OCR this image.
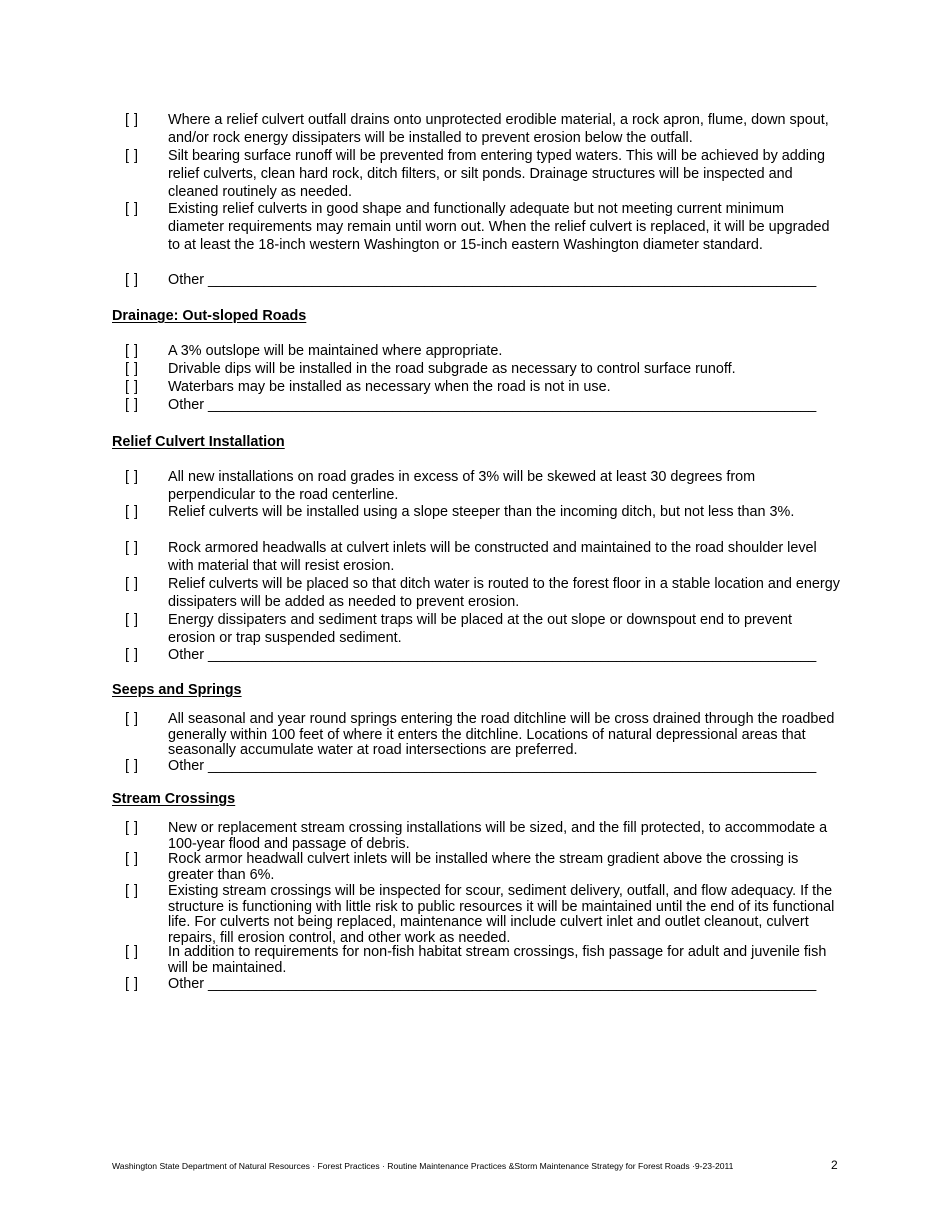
[ ]	Where a relief culvert outfall drains onto unprotected erodible material, a rock apron, flume, down spout, and/or rock energy dissipaters will be installed to prevent erosion below the outfall.
[ ]	Silt bearing surface runoff will be prevented from entering typed waters. This will be achieved by adding relief culverts, clean hard rock, ditch filters, or silt ponds. Drainage structures will be inspected and cleaned routinely as needed.
[ ]	Existing relief culverts in good shape and functionally adequate but not meeting current minimum diameter requirements may remain until worn out. When the relief culvert is replaced, it will be upgraded to at least the 18-inch western Washington or 15-inch eastern Washington diameter standard.
[ ]	Other ____________________________________________________________________________
Drainage: Out-sloped Roads
[ ]	A 3% outslope will be maintained where appropriate.
[ ]	Drivable dips will be installed in the road subgrade as necessary to control surface runoff.
[ ]	Waterbars may be installed as necessary when the road is not in use.
[ ]	Other ____________________________________________________________________________
Relief Culvert Installation
[ ]	All new installations on road grades in excess of 3% will be skewed at least 30 degrees from perpendicular to the road centerline.
[ ]	Relief culverts will be installed using a slope steeper than the incoming ditch, but not less than 3%.
[ ]	Rock armored headwalls at culvert inlets will be constructed and maintained to the road shoulder level with material that will resist erosion.
[ ]	Relief culverts will be placed so that ditch water is routed to the forest floor in a stable location and energy dissipaters will be added as needed to prevent erosion.
[ ]	Energy dissipaters and sediment traps will be placed at the out slope or downspout end to prevent erosion or trap suspended sediment.
[ ]	Other ____________________________________________________________________________
Seeps and Springs
[ ]	All seasonal and year round springs entering the road ditchline will be cross drained through the roadbed generally within 100 feet of where it enters the ditchline. Locations of natural depressional areas that seasonally accumulate water at road intersections are preferred.
[ ]	Other ____________________________________________________________________________
Stream Crossings
[ ]	New or replacement stream crossing installations will be sized, and the fill protected, to accommodate a 100-year flood and passage of debris.
[ ]	Rock armor headwall culvert inlets will be installed where the stream gradient above the crossing is greater than 6%.
[ ]	Existing stream crossings will be inspected for scour, sediment delivery, outfall, and flow adequacy. If the structure is functioning with little risk to public resources it will be maintained until the end of its functional life. For culverts not being replaced, maintenance will include culvert inlet and outlet cleanout, culvert repairs, fill erosion control, and other work as needed.
[ ]	In addition to requirements for non-fish habitat stream crossings, fish passage for adult and juvenile fish will be maintained.
[ ]	Other ____________________________________________________________________________
Washington State Department of Natural Resources · Forest Practices · Routine Maintenance Practices &Storm Maintenance Strategy for Forest Roads ·9-23-2011	2
